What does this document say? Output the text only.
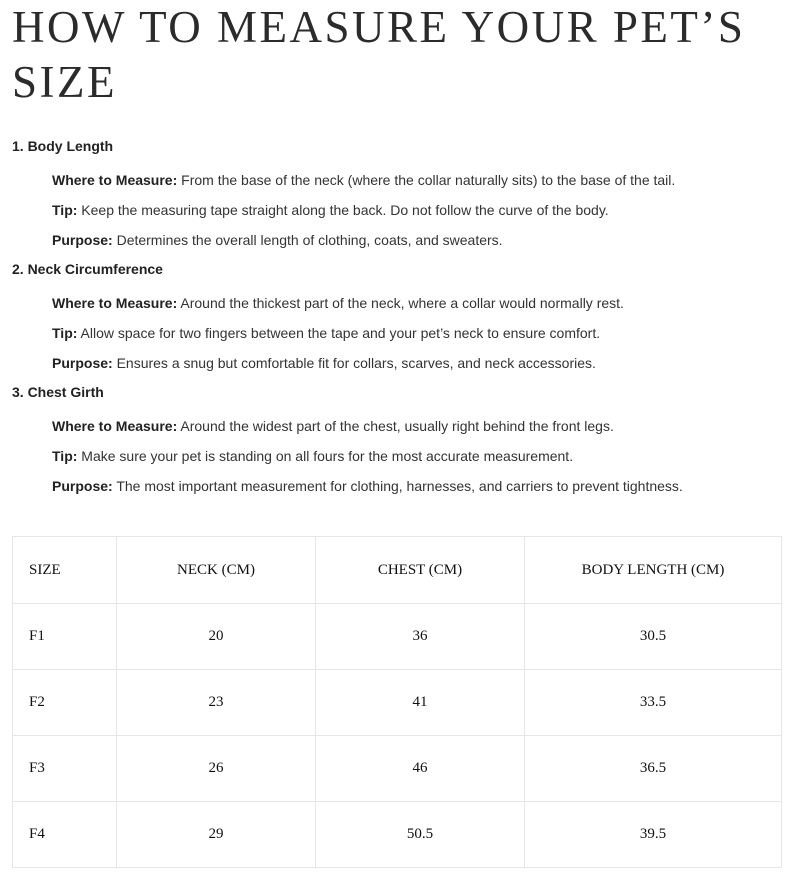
HOW TO MEASURE YOUR PET’S SIZE

1. Body Length

Where to Measure: From the base of the neck (where the collar naturally sits) to the base of the tail.
Tip: Keep the measuring tape straight along the back. Do not follow the curve of the body.
Purpose: Determines the overall length of clothing, coats, and sweaters.

2. Neck Circumference

Where to Measure: Around the thickest part of the neck, where a collar would normally rest.
Tip: Allow space for two fingers between the tape and your pet’s neck to ensure comfort.
Purpose: Ensures a snug but comfortable fit for collars, scarves, and neck accessories.

3. Chest Girth

Where to Measure: Around the widest part of the chest, usually right behind the front legs.
Tip: Make sure your pet is standing on all fours for the most accurate measurement.
Purpose: The most important measurement for clothing, harnesses, and carriers to prevent tightness.
SIZE	NECK (CM)	CHEST (CM)	BODY LENGTH (CM)
F1	20	36	30.5
F2	23	41	33.5
F3	26	46	36.5
F4	29	50.5	39.5
